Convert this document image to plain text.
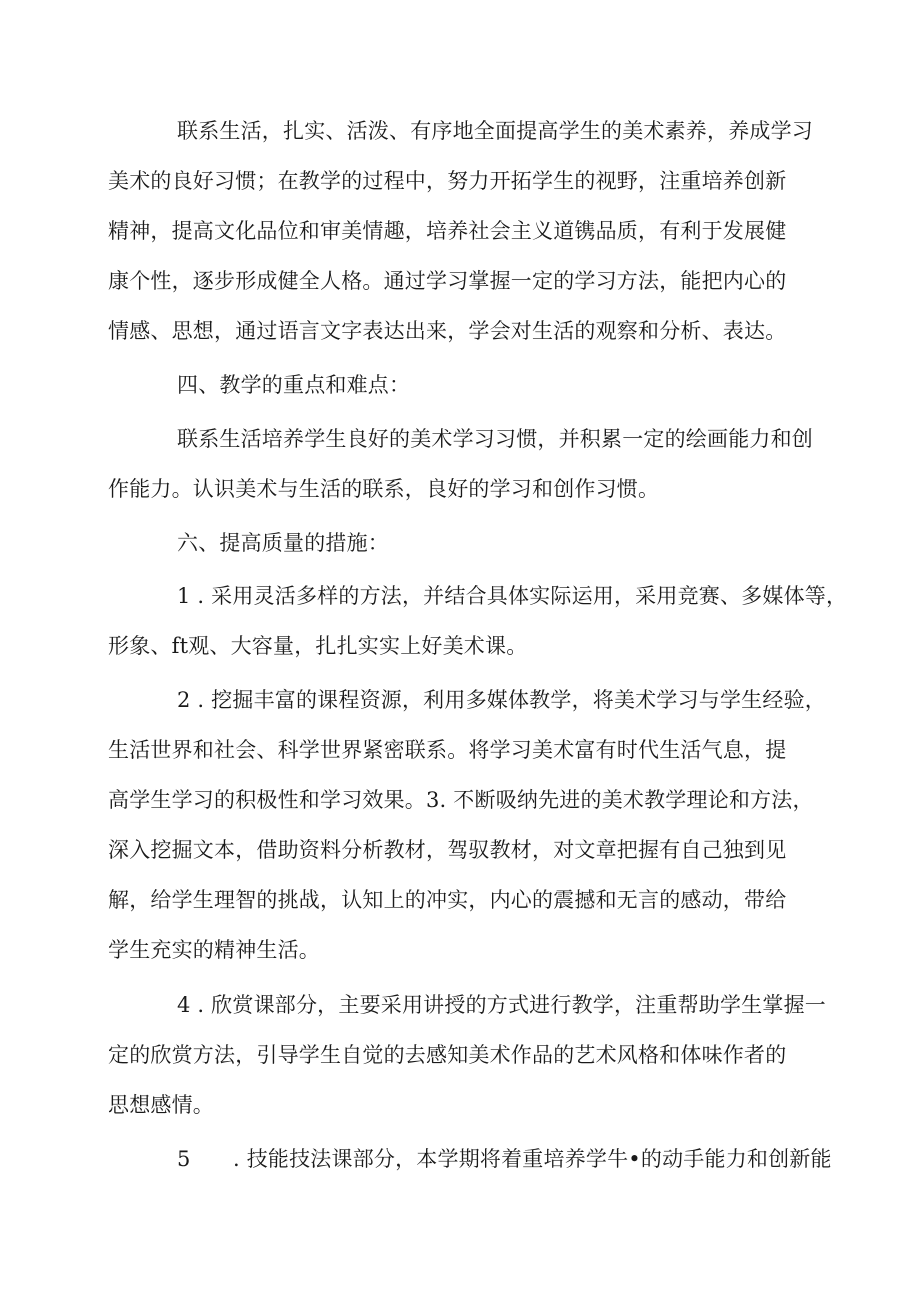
联系生活，扎实、活泼、有序地全面提高学生的美术素养，养成学习
美术的良好习惯；在教学的过程中，努力开拓学生的视野，注重培养创新
精神，提高文化品位和审美情趣，培养社会主义道镌品质，有利于发展健
康个性，逐步形成健全人格。通过学习掌握一定的学习方法，能把内心的
情感、思想，通过语言文字表达出来，学会对生活的观察和分析、表达。
四、教学的重点和难点：
联系生活培养学生良好的美术学习习惯，并积累一定的绘画能力和创
作能力。认识美术与生活的联系，良好的学习和创作习惯。
六、提高质量的措施：
1 . 采用灵活多样的方法，并结合具体实际运用，采用竞赛、多媒体等，
形象、ft观、大容量，扎扎实实上好美术课。
2 . 挖掘丰富的课程资源，利用多媒体教学，将美术学习与学生经验，
生活世界和社会、科学世界紧密联系。将学习美术富有时代生活气息，提
高学生学习的积极性和学习效果。3. 不断吸纳先进的美术教学理论和方法，
深入挖掘文本，借助资料分析教材，驾驭教材，对文章把握有自己独到见
解，给学生理智的挑战，认知上的冲实，内心的震撼和无言的感动，带给
学生充实的精神生活。
4 . 欣赏课部分，主要采用讲授的方式进行教学，注重帮助学生掌握一
定的欣赏方法，引导学生自觉的去感知美术作品的艺术风格和体味作者的
思想感情。
5　　. 技能技法课部分，本学期将着重培养学牛•的动手能力和创新能
